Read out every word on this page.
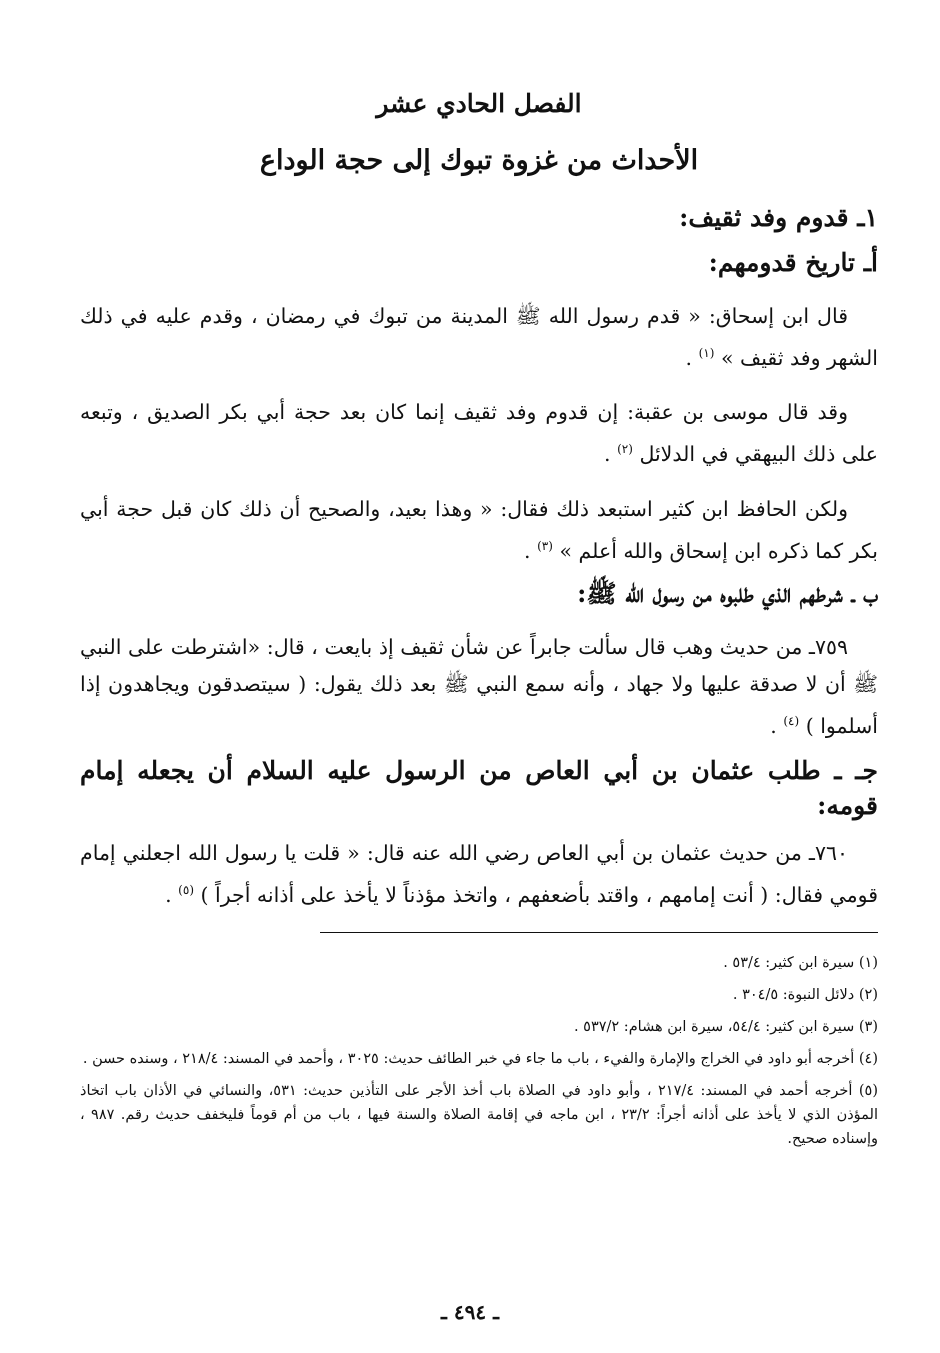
الفصل الحادي عشر
الأحداث من غزوة تبوك إلى حجة الوداع
١ـ قدوم وفد ثقيف:
أـ تاريخ قدومهم:

قال ابن إسحاق: « قدم رسول الله ﷺ المدينة من تبوك في رمضان ، وقدم عليه في ذلك الشهر وفد ثقيف » $^{(١)}$ .

وقد قال موسى بن عقبة: إن قدوم وفد ثقيف إنما كان بعد حجة أبي بكر الصديق ، وتبعه على ذلك البيهقي في الدلائل $^{(٢)}$ .

ولكن الحافظ ابن كثير استبعد ذلك فقال: « وهذا بعيد، والصحيح أن ذلك كان قبل حجة أبي بكر كما ذكره ابن إسحاق والله أعلم » $^{(٣)}$ .

ب ـ شرطهم الذي طلبوه من رسول الله ﷺ:

٧٥٩ـ من حديث وهب قال سألت جابراً عن شأن ثقيف إذ بايعت ، قال: «اشترطت على النبي ﷺ أن لا صدقة عليها ولا جهاد ، وأنه سمع النبي ﷺ بعد ذلك يقول: ( سيتصدقون ويجاهدون إذا أسلموا ) $^{(٤)}$ .

جـ ـ طلب عثمان بن أبي العاص من الرسول عليه السلام أن يجعله إمام قومه:

٧٦٠ـ من حديث عثمان بن أبي العاص رضي الله عنه قال: « قلت يا رسول الله اجعلني إمام قومي فقال: ( أنت إمامهم ، واقتد بأضعفهم ، واتخذ مؤذناً لا يأخذ على أذانه أجراً ) $^{(٥)}$ .

(١) سيرة ابن كثير: ٥٣/٤ .
(٢) دلائل النبوة: ٣٠٤/٥ .
(٣) سيرة ابن كثير: ٥٤/٤، سيرة ابن هشام: ٥٣٧/٢ .
(٤) أخرجه أبو داود في الخراج والإمارة والفيء ، باب ما جاء في خبر الطائف حديث: ٣٠٢٥ ، وأحمد في المسند: ٢١٨/٤ ، وسنده حسن .
(٥) أخرجه أحمد في المسند: ٢١٧/٤ ، وأبو داود في الصلاة باب أخذ الأجر على التأذين حديث: ٥٣١، والنسائي في الأذان باب اتخاذ المؤذن الذي لا يأخذ على أذانه أجراً: ٢٣/٢ ، ابن ماجه في إقامة الصلاة والسنة فيها ، باب من أم قوماً فليخفف حديث رقم. ٩٨٧ ، وإسناده صحيح.
ـ ٤٩٤ ـ
